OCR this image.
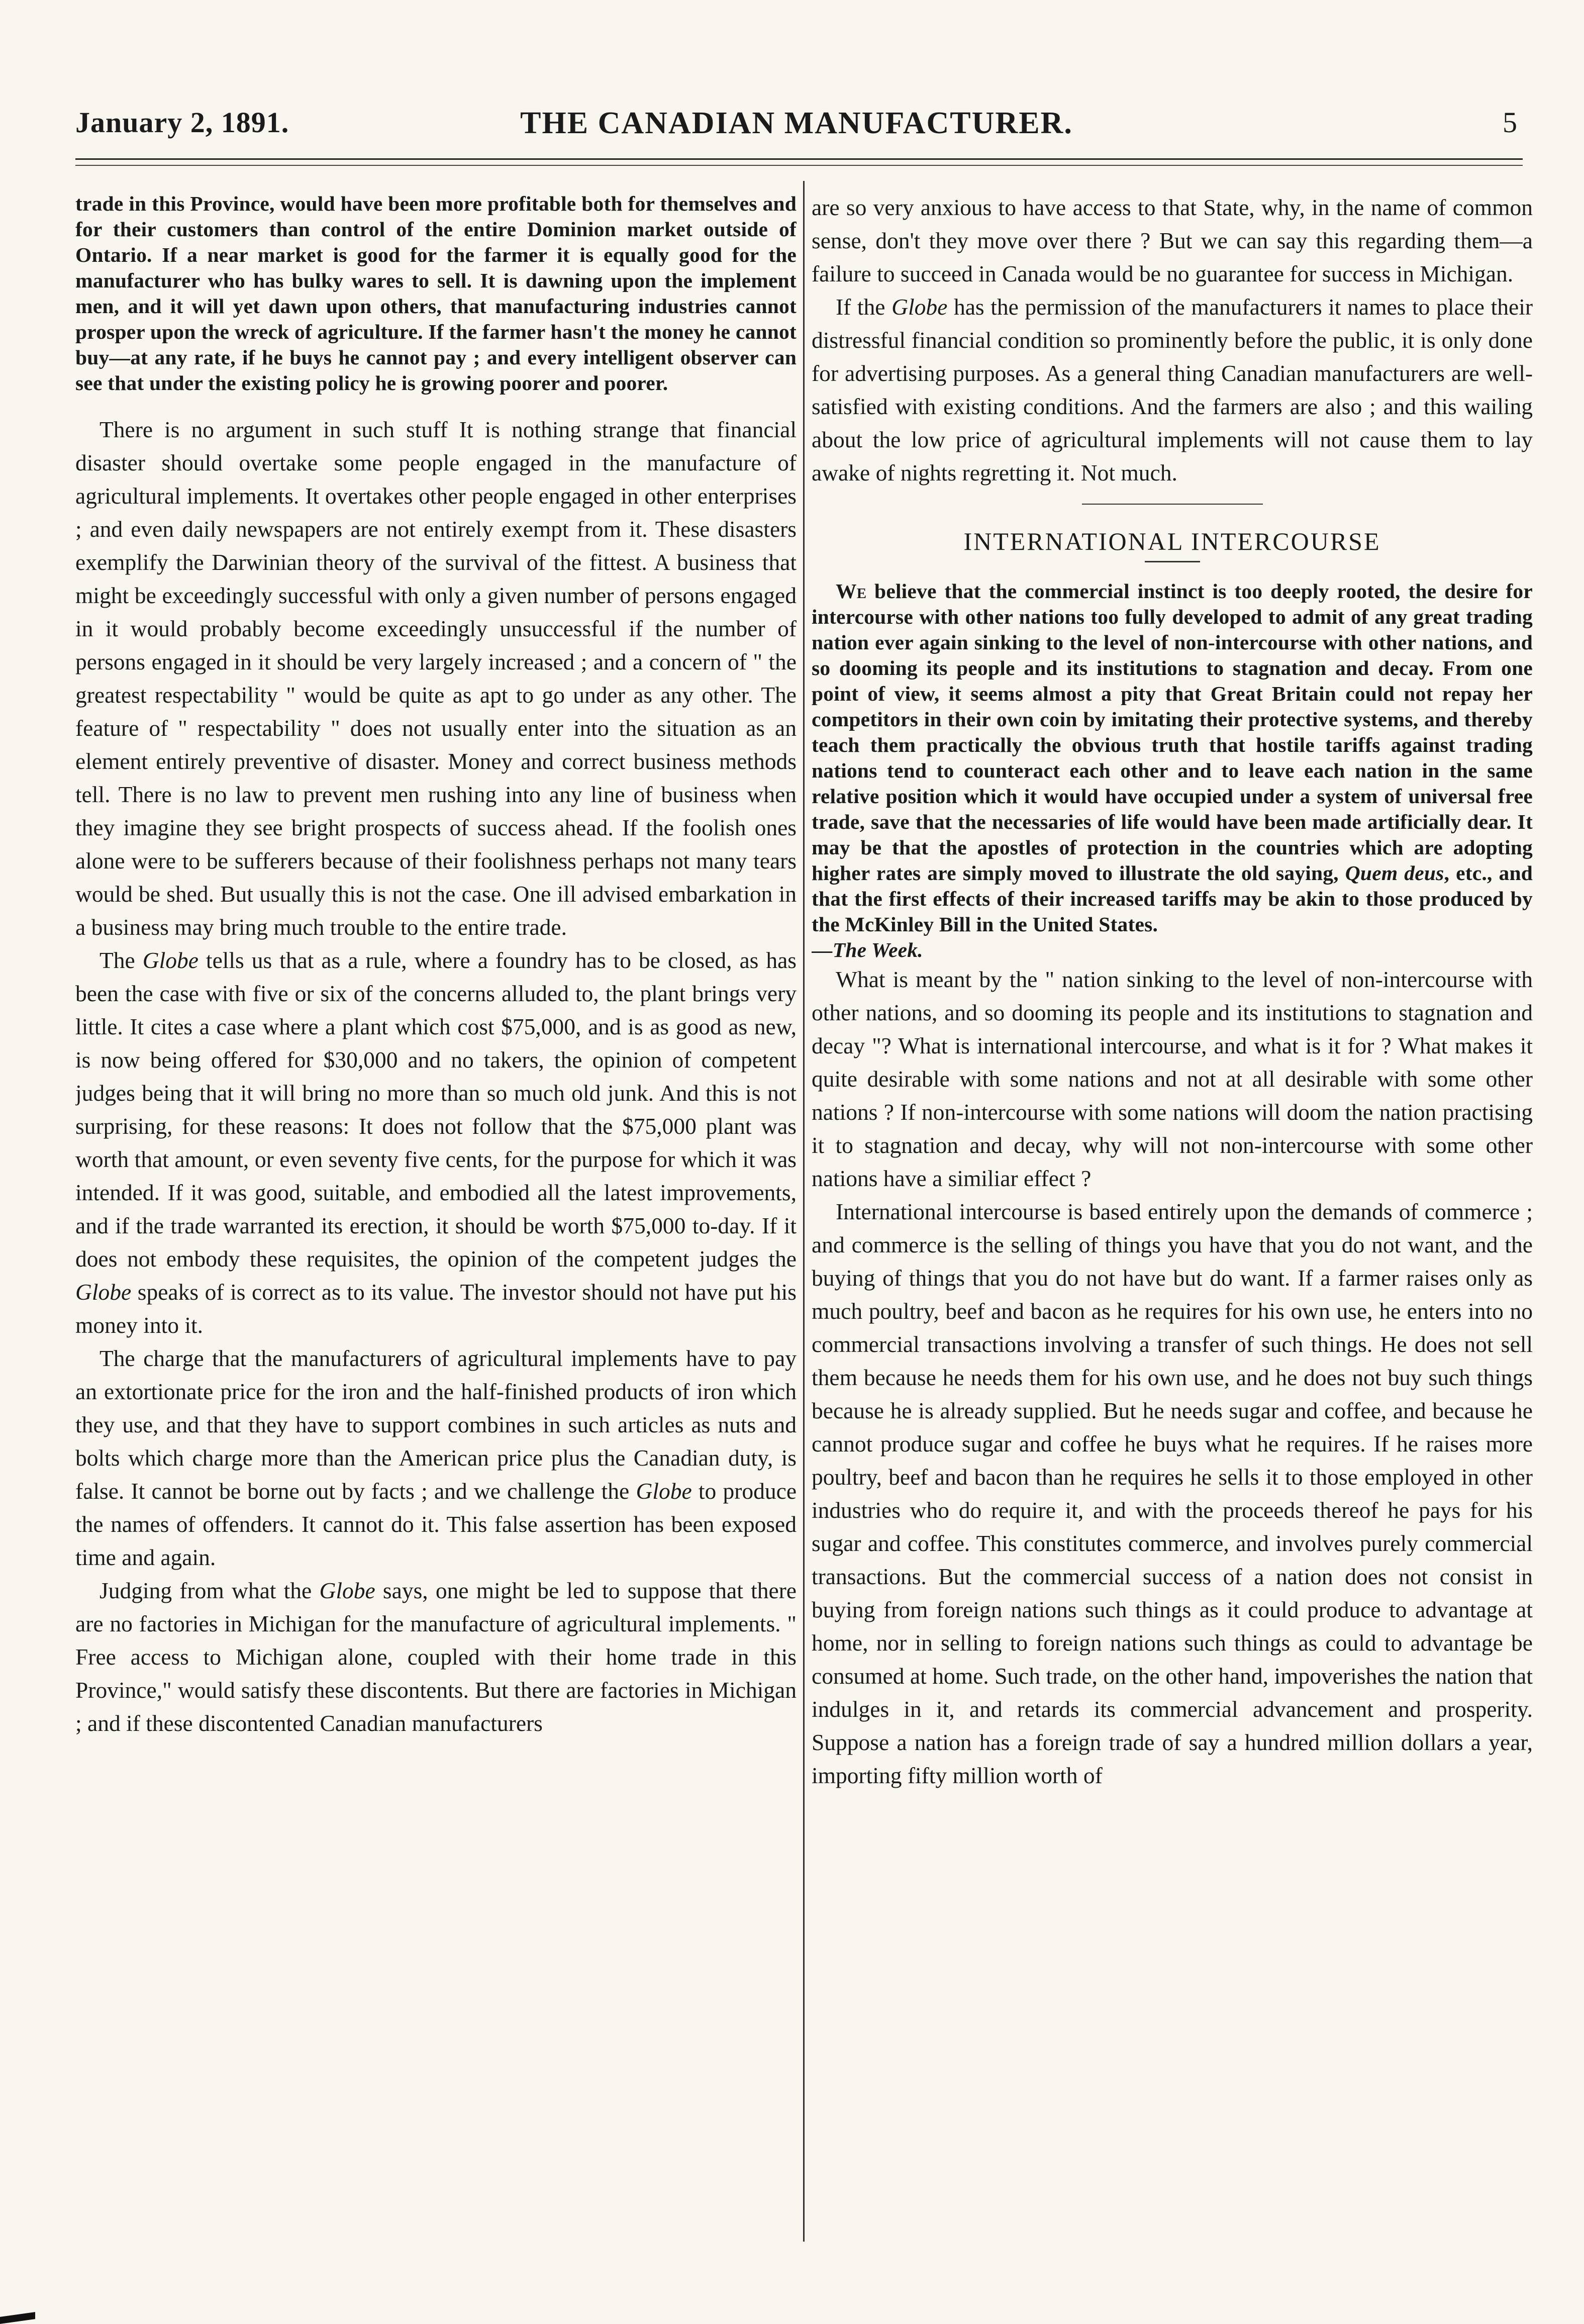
January 2, 1891.	THE CANADIAN MANUFACTURER.	5

trade in this Province, would have been more profitable both for themselves and for their customers than control of the entire Dominion market outside of Ontario. If a near market is good for the farmer it is equally good for the manufacturer who has bulky wares to sell. It is dawning upon the implement men, and it will yet dawn upon others, that manufacturing industries cannot prosper upon the wreck of agriculture. If the farmer hasn't the money he cannot buy—at any rate, if he buys he cannot pay ; and every intelligent observer can see that under the existing policy he is growing poorer and poorer.

There is no argument in such stuff It is nothing strange that financial disaster should overtake some people engaged in the manufacture of agricultural implements. It overtakes other people engaged in other enterprises ; and even daily newspapers are not entirely exempt from it. These disasters exemplify the Darwinian theory of the survival of the fittest. A business that might be exceedingly successful with only a given number of persons engaged in it would probably become exceedingly unsuccessful if the number of persons engaged in it should be very largely increased ; and a concern of " the greatest respectability " would be quite as apt to go under as any other. The feature of " respectability " does not usually enter into the situation as an element entirely preventive of disaster. Money and correct business methods tell. There is no law to prevent men rushing into any line of business when they imagine they see bright prospects of success ahead. If the foolish ones alone were to be sufferers because of their foolishness perhaps not many tears would be shed. But usually this is not the case. One ill advised embarkation in a business may bring much trouble to the entire trade.

The Globe tells us that as a rule, where a foundry has to be closed, as has been the case with five or six of the concerns alluded to, the plant brings very little. It cites a case where a plant which cost $75,000, and is as good as new, is now being offered for $30,000 and no takers, the opinion of competent judges being that it will bring no more than so much old junk. And this is not surprising, for these reasons: It does not follow that the $75,000 plant was worth that amount, or even seventy five cents, for the purpose for which it was intended. If it was good, suitable, and embodied all the latest improvements, and if the trade warranted its erection, it should be worth $75,000 to-day. If it does not embody these requisites, the opinion of the competent judges the Globe speaks of is correct as to its value. The investor should not have put his money into it.

The charge that the manufacturers of agricultural implements have to pay an extortionate price for the iron and the half-finished products of iron which they use, and that they have to support combines in such articles as nuts and bolts which charge more than the American price plus the Canadian duty, is false. It cannot be borne out by facts ; and we challenge the Globe to produce the names of offenders. It cannot do it. This false assertion has been exposed time and again.

Judging from what the Globe says, one might be led to suppose that there are no factories in Michigan for the manufacture of agricultural implements. " Free access to Michigan alone, coupled with their home trade in this Province," would satisfy these discontents. But there are factories in Michigan ; and if these discontented Canadian manufacturers

are so very anxious to have access to that State, why, in the name of common sense, don't they move over there ? But we can say this regarding them—a failure to succeed in Canada would be no guarantee for success in Michigan.

If the Globe has the permission of the manufacturers it names to place their distressful financial condition so prominently before the public, it is only done for advertising purposes. As a general thing Canadian manufacturers are well-satisfied with existing conditions. And the farmers are also ; and this wailing about the low price of agricultural implements will not cause them to lay awake of nights regretting it. Not much.

INTERNATIONAL INTERCOURSE

We believe that the commercial instinct is too deeply rooted, the desire for intercourse with other nations too fully developed to admit of any great trading nation ever again sinking to the level of non-intercourse with other nations, and so dooming its people and its institutions to stagnation and decay. From one point of view, it seems almost a pity that Great Britain could not repay her competitors in their own coin by imitating their protective systems, and thereby teach them practically the obvious truth that hostile tariffs against trading nations tend to counteract each other and to leave each nation in the same relative position which it would have occupied under a system of universal free trade, save that the necessaries of life would have been made artificially dear. It may be that the apostles of protection in the countries which are adopting higher rates are simply moved to illustrate the old saying, Quem deus, etc., and that the first effects of their increased tariffs may be akin to those produced by the McKinley Bill in the United States.
—The Week.

What is meant by the " nation sinking to the level of non-intercourse with other nations, and so dooming its people and its institutions to stagnation and decay "? What is international intercourse, and what is it for ? What makes it quite desirable with some nations and not at all desirable with some other nations ? If non-intercourse with some nations will doom the nation practising it to stagnation and decay, why will not non-intercourse with some other nations have a similiar effect ?

International intercourse is based entirely upon the demands of commerce ; and commerce is the selling of things you have that you do not want, and the buying of things that you do not have but do want. If a farmer raises only as much poultry, beef and bacon as he requires for his own use, he enters into no commercial transactions involving a transfer of such things. He does not sell them because he needs them for his own use, and he does not buy such things because he is already supplied. But he needs sugar and coffee, and because he cannot produce sugar and coffee he buys what he requires. If he raises more poultry, beef and bacon than he requires he sells it to those employed in other industries who do require it, and with the proceeds thereof he pays for his sugar and coffee. This constitutes commerce, and involves purely commercial transactions. But the commercial success of a nation does not consist in buying from foreign nations such things as it could produce to advantage at home, nor in selling to foreign nations such things as could to advantage be consumed at home. Such trade, on the other hand, impoverishes the nation that indulges in it, and retards its commercial advancement and prosperity. Suppose a nation has a foreign trade of say a hundred million dollars a year, importing fifty million worth of
